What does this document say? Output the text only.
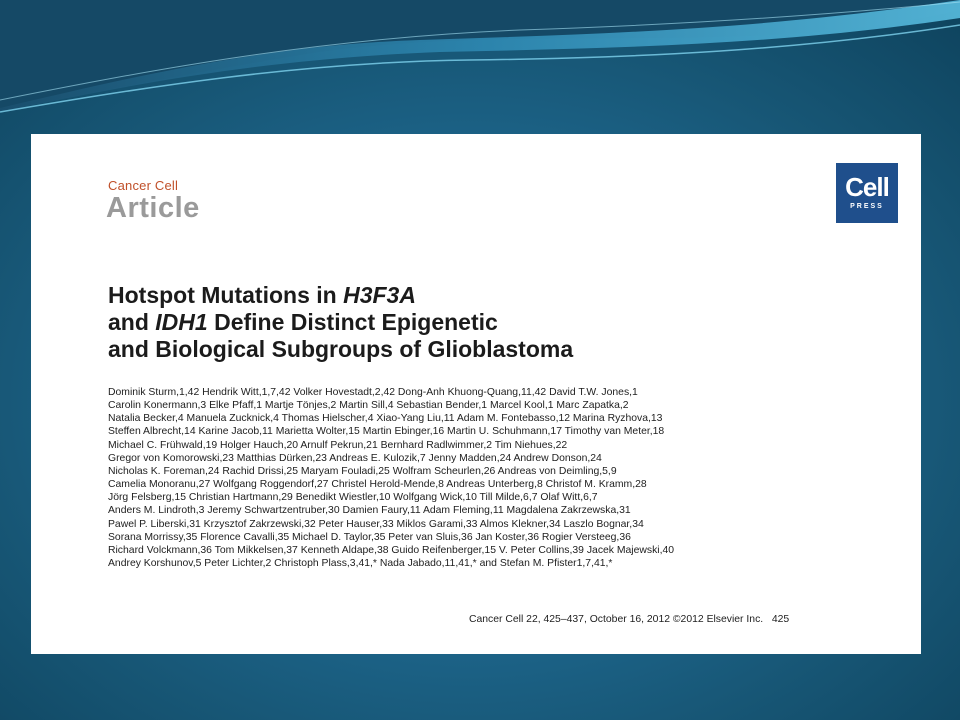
Cancer Cell
Article
Cell
PRESS
Hotspot Mutations in H3F3A
and IDH1 Define Distinct Epigenetic
and Biological Subgroups of Glioblastoma
Dominik Sturm,1,42 Hendrik Witt,1,7,42 Volker Hovestadt,2,42 Dong-Anh Khuong-Quang,11,42 David T.W. Jones,1
Carolin Konermann,3 Elke Pfaff,1 Martje Tönjes,2 Martin Sill,4 Sebastian Bender,1 Marcel Kool,1 Marc Zapatka,2
Natalia Becker,4 Manuela Zucknick,4 Thomas Hielscher,4 Xiao-Yang Liu,11 Adam M. Fontebasso,12 Marina Ryzhova,13
Steffen Albrecht,14 Karine Jacob,11 Marietta Wolter,15 Martin Ebinger,16 Martin U. Schuhmann,17 Timothy van Meter,18
Michael C. Frühwald,19 Holger Hauch,20 Arnulf Pekrun,21 Bernhard Radlwimmer,2 Tim Niehues,22
Gregor von Komorowski,23 Matthias Dürken,23 Andreas E. Kulozik,7 Jenny Madden,24 Andrew Donson,24
Nicholas K. Foreman,24 Rachid Drissi,25 Maryam Fouladi,25 Wolfram Scheurlen,26 Andreas von Deimling,5,9
Camelia Monoranu,27 Wolfgang Roggendorf,27 Christel Herold-Mende,8 Andreas Unterberg,8 Christof M. Kramm,28
Jörg Felsberg,15 Christian Hartmann,29 Benedikt Wiestler,10 Wolfgang Wick,10 Till Milde,6,7 Olaf Witt,6,7
Anders M. Lindroth,3 Jeremy Schwartzentruber,30 Damien Faury,11 Adam Fleming,11 Magdalena Zakrzewska,31
Pawel P. Liberski,31 Krzysztof Zakrzewski,32 Peter Hauser,33 Miklos Garami,33 Almos Klekner,34 Laszlo Bognar,34
Sorana Morrissy,35 Florence Cavalli,35 Michael D. Taylor,35 Peter van Sluis,36 Jan Koster,36 Rogier Versteeg,36
Richard Volckmann,36 Tom Mikkelsen,37 Kenneth Aldape,38 Guido Reifenberger,15 V. Peter Collins,39 Jacek Majewski,40
Andrey Korshunov,5 Peter Lichter,2 Christoph Plass,3,41,* Nada Jabado,11,41,* and Stefan M. Pfister1,7,41,*
Cancer Cell 22, 425–437, October 16, 2012 ©2012 Elsevier Inc. 425
